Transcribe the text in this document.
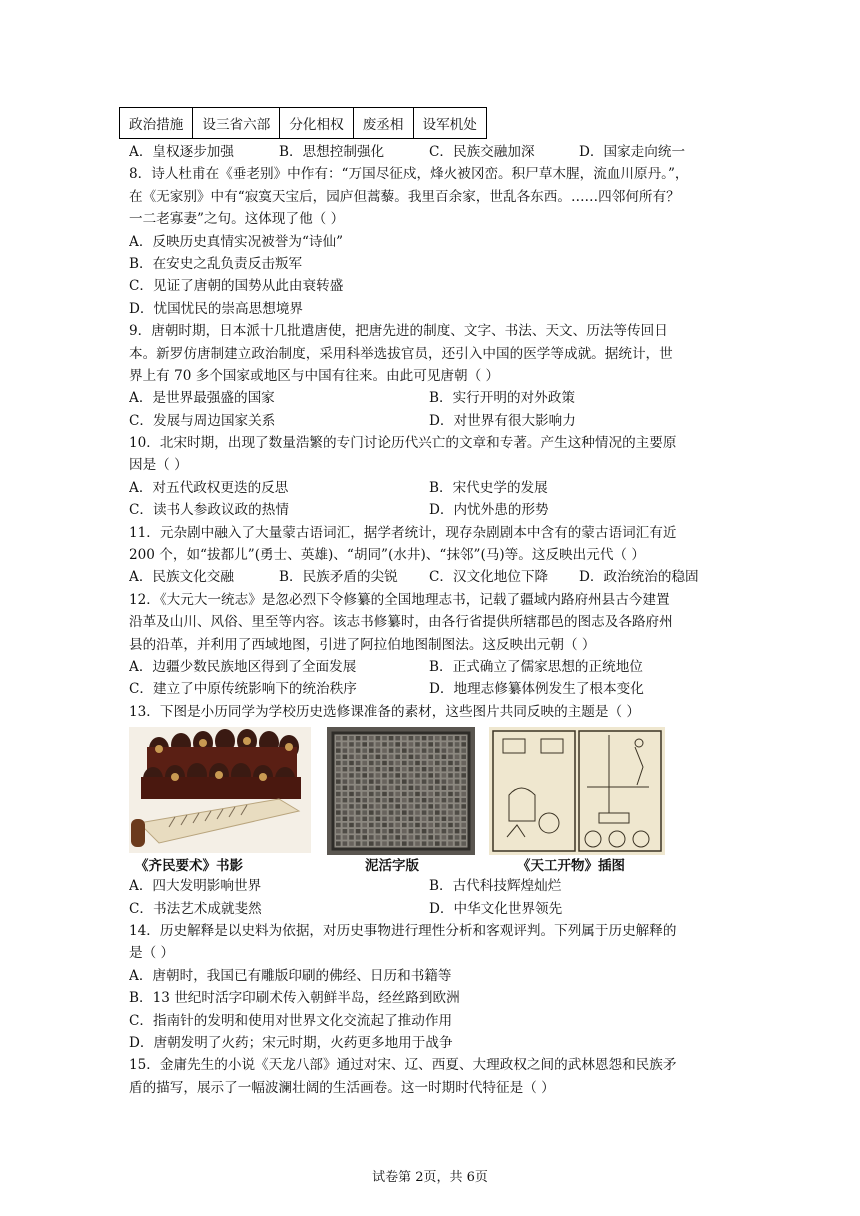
政治措施	设三省六部	分化相权	废丞相	设军机处
A．皇权逐步加强	B．思想控制强化	C．民族交融加深	D．国家走向统一
8．诗人杜甫在《垂老别》中作有：“万国尽征戍，烽火被冈峦。积尸草木腥，流血川原丹。”，
在《无家别》中有“寂寞天宝后，园庐但蒿藜。我里百余家，世乱各东西。……四邻何所有？
一二老寡妻”之句。这体现了他（ ）
A．反映历史真情实况被誉为“诗仙”
B．在安史之乱负责反击叛军
C．见证了唐朝的国势从此由衰转盛
D．忧国忧民的崇高思想境界
9．唐朝时期，日本派十几批遣唐使，把唐先进的制度、文字、书法、天文、历法等传回日
本。新罗仿唐制建立政治制度，采用科举选拔官员，还引入中国的医学等成就。据统计，世
界上有 70 多个国家或地区与中国有往来。由此可见唐朝（ ）
A．是世界最强盛的国家	B．实行开明的对外政策
C．发展与周边国家关系	D．对世界有很大影响力
10．北宋时期，出现了数量浩繁的专门讨论历代兴亡的文章和专著。产生这种情况的主要原
因是（ ）
A．对五代政权更迭的反思	B．宋代史学的发展
C．读书人参政议政的热情	D．内忧外患的形势
11．元杂剧中融入了大量蒙古语词汇，据学者统计，现存杂剧剧本中含有的蒙古语词汇有近
200 个，如“拔都儿”(勇士、英雄)、“胡同”(水井)、“抹邻”(马)等。这反映出元代（ ）
A．民族文化交融	B．民族矛盾的尖锐	C．汉文化地位下降	D．政治统治的稳固
12．《大元大一统志》是忽必烈下令修纂的全国地理志书，记载了疆域内路府州县古今建置
沿革及山川、风俗、里至等内容。该志书修纂时，由各行省提供所辖郡邑的图志及各路府州
县的沿革，并利用了西域地图，引进了阿拉伯地图制图法。这反映出元朝（ ）
A．边疆少数民族地区得到了全面发展	B．正式确立了儒家思想的正统地位
C．建立了中原传统影响下的统治秩序	D．地理志修纂体例发生了根本变化
13．下图是小历同学为学校历史选修课准备的素材，这些图片共同反映的主题是（ ）
《齐民要术》书影	泥活字版	《天工开物》插图
A．四大发明影响世界	B．古代科技辉煌灿烂
C．书法艺术成就斐然	D．中华文化世界领先
14．历史解释是以史料为依据，对历史事物进行理性分析和客观评判。下列属于历史解释的
是（ ）
A．唐朝时，我国已有雕版印刷的佛经、日历和书籍等
B．13 世纪时活字印刷术传入朝鲜半岛，经丝路到欧洲
C．指南针的发明和使用对世界文化交流起了推动作用
D．唐朝发明了火药；宋元时期，火药更多地用于战争
15．金庸先生的小说《天龙八部》通过对宋、辽、西夏、大理政权之间的武林恩怨和民族矛
盾的描写，展示了一幅波澜壮阔的生活画卷。这一时期时代特征是（ ）
试卷第 2页，共 6页
